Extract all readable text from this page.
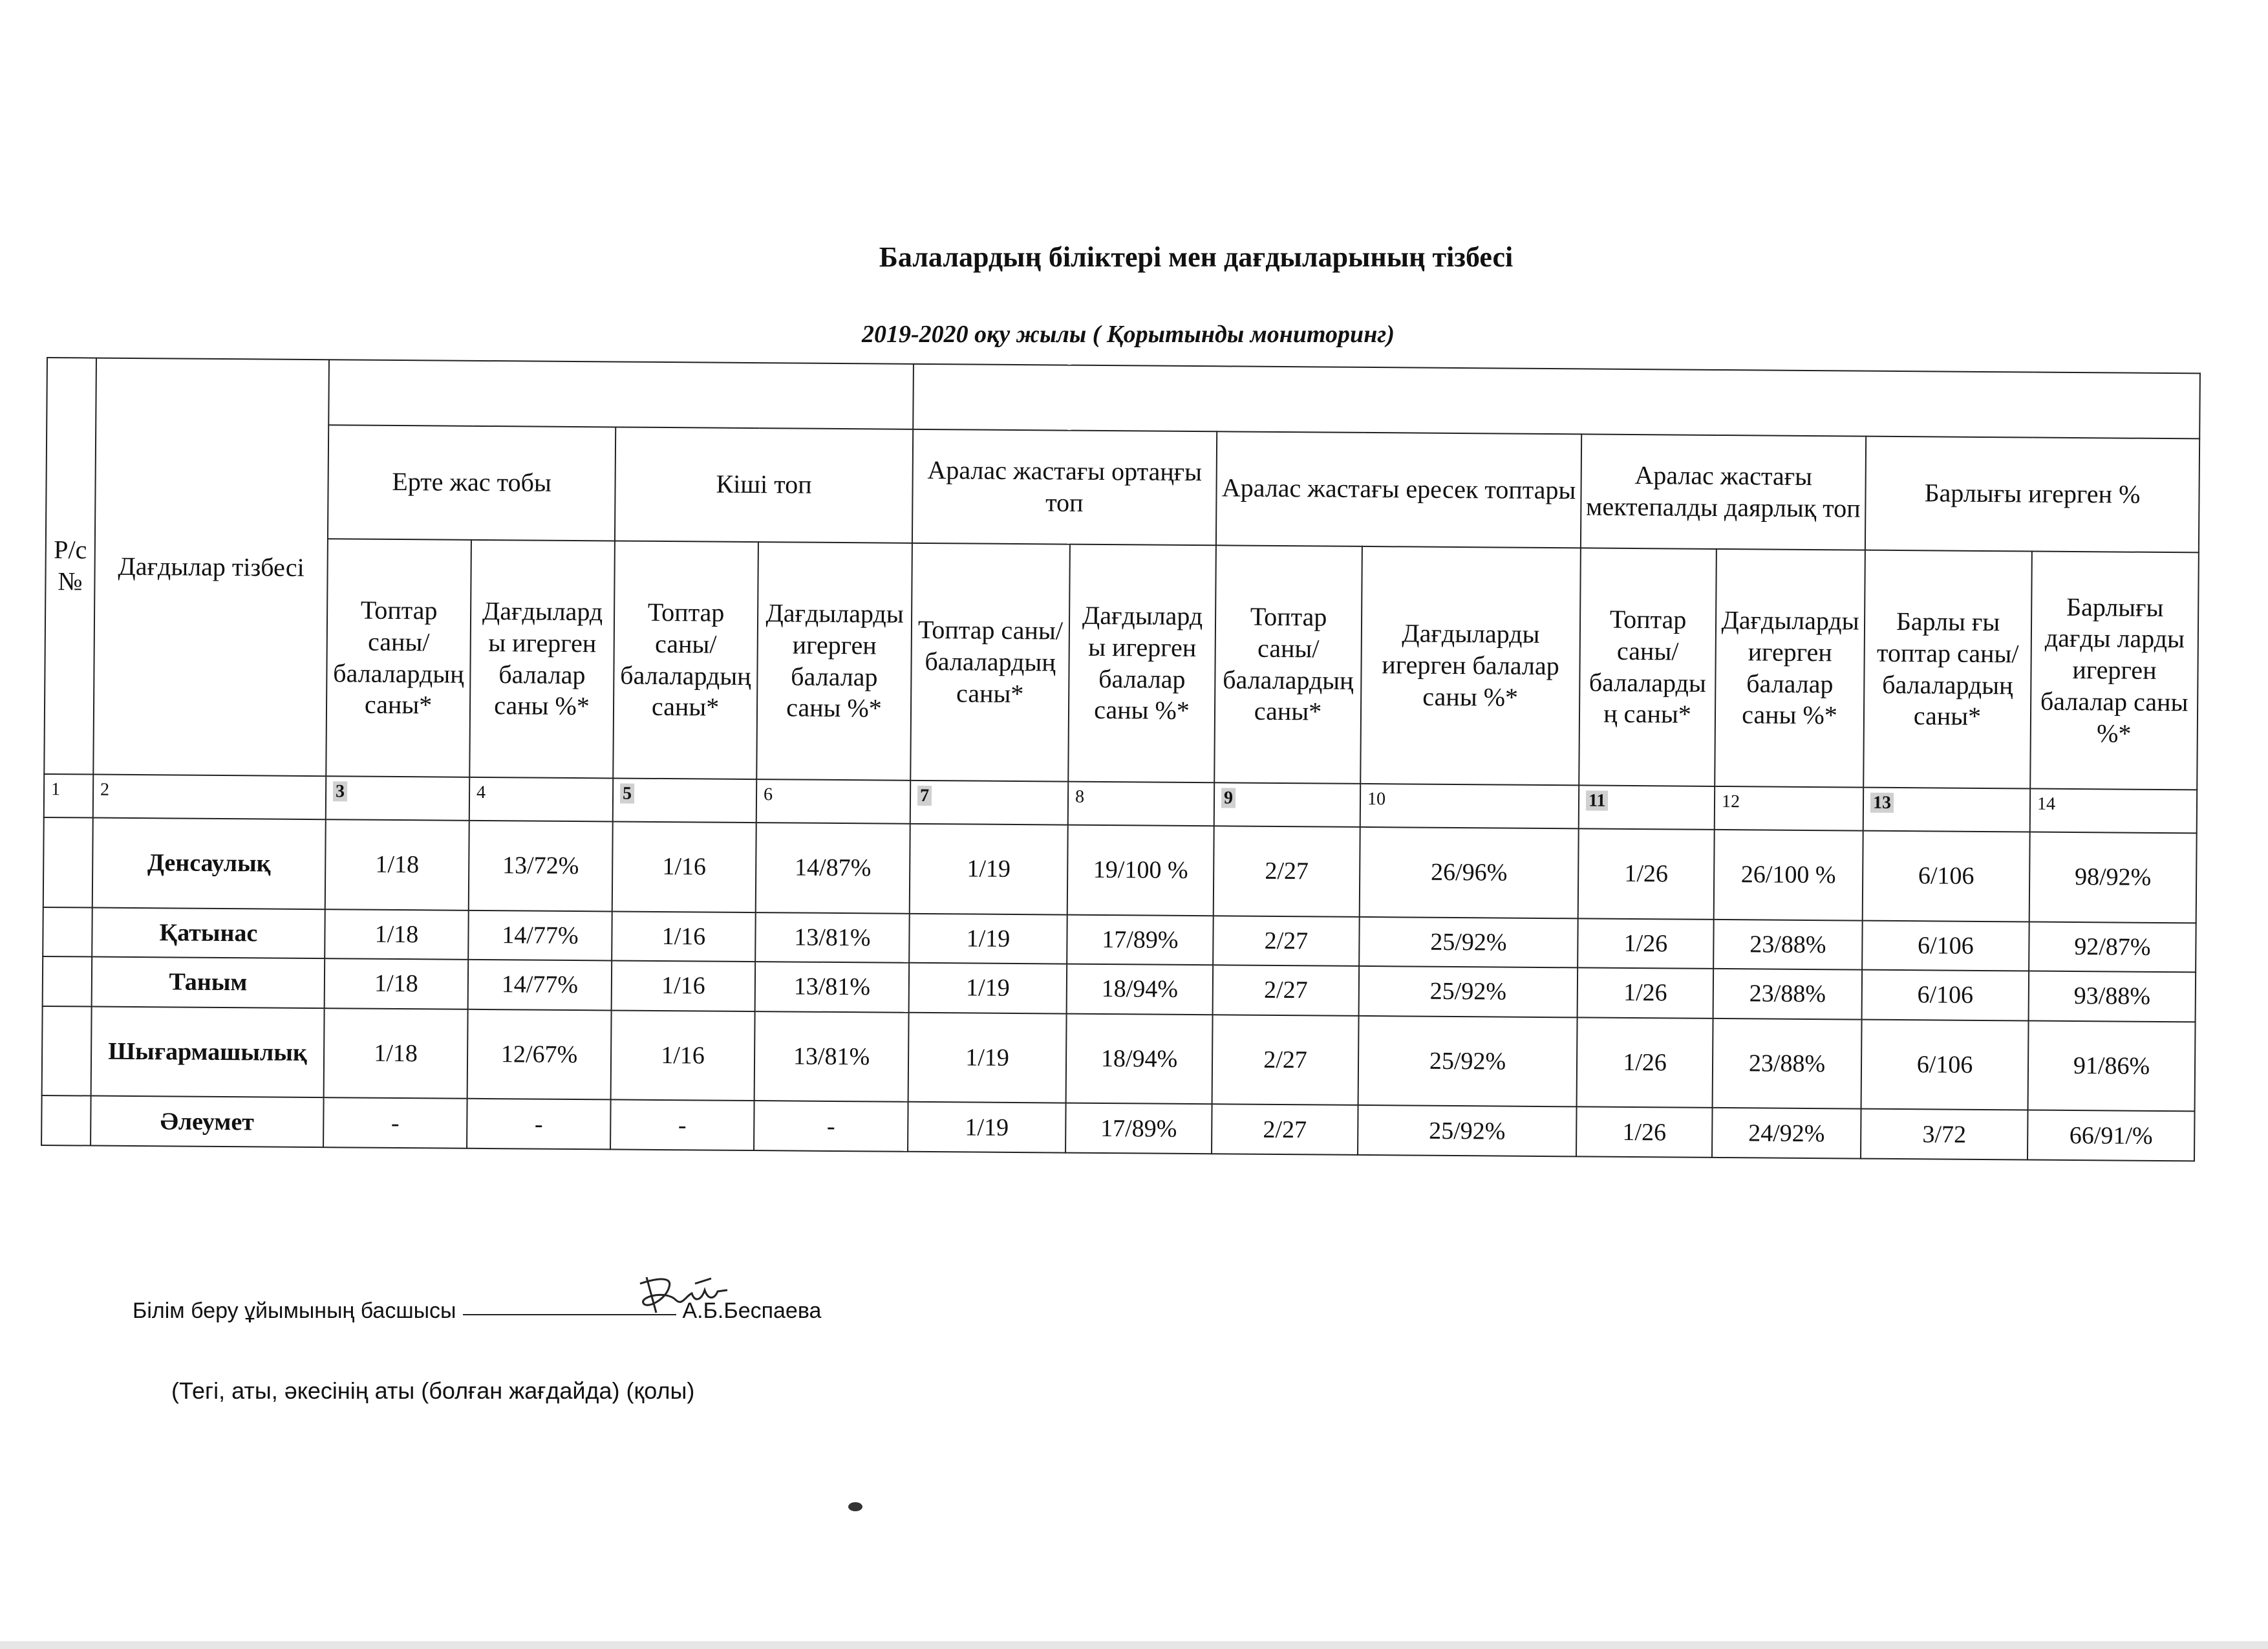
Балалардың біліктері мен дағдыларының тізбесі
2019-2020 оқу жылы ( Қорытынды мониторинг)
Р/с №	Дағдылар тізбесі												
		Ерте жас тобы		Кіші топ		Аралас жастағы ортаңғы топ		Аралас жастағы ересек топтары		Аралас жастағы мектепалды даярлық топ		Барлығы игерген %	
		Топтар саны/ балалардың саны*	Дағдыларды игерген балалар саны %*	Топтар саны/ балалардың саны*	Дағдыларды игерген балалар саны %*	Топтар саны/ балалардың саны*	Дағдыларды игерген балалар саны %*	Топтар саны/ балалардың саны*	Дағдыларды игерген балалар саны %*	Топтар саны/ балалардың саны*	Дағдыларды игерген балалар саны %*	Барлы ғы топтар саны/ балалардың саны*	Барлығы дағды ларды игерген балалар саны %*
1	2	3	4	5	6	7	8	9	10	11	12	13	14
	Денсаулық	1/18	13/72%	1/16	14/87%	1/19	19/100 %	2/27	26/96%	1/26	26/100 %	6/106	98/92%
	Қатынас	1/18	14/77%	1/16	13/81%	1/19	17/89%	2/27	25/92%	1/26	23/88%	6/106	92/87%
	Таным	1/18	14/77%	1/16	13/81%	1/19	18/94%	2/27	25/92%	1/26	23/88%	6/106	93/88%
	Шығармашылық	1/18	12/67%	1/16	13/81%	1/19	18/94%	2/27	25/92%	1/26	23/88%	6/106	91/86%
	Әлеумет	-	-	-	-	1/19	17/89%	2/27	25/92%	1/26	24/92%	3/72	66/91/%
Білім беру ұйымының басшысы	А.Б.Беспаева
(Тегі, аты, әкесінің аты (болған жағдайда) (қолы)
